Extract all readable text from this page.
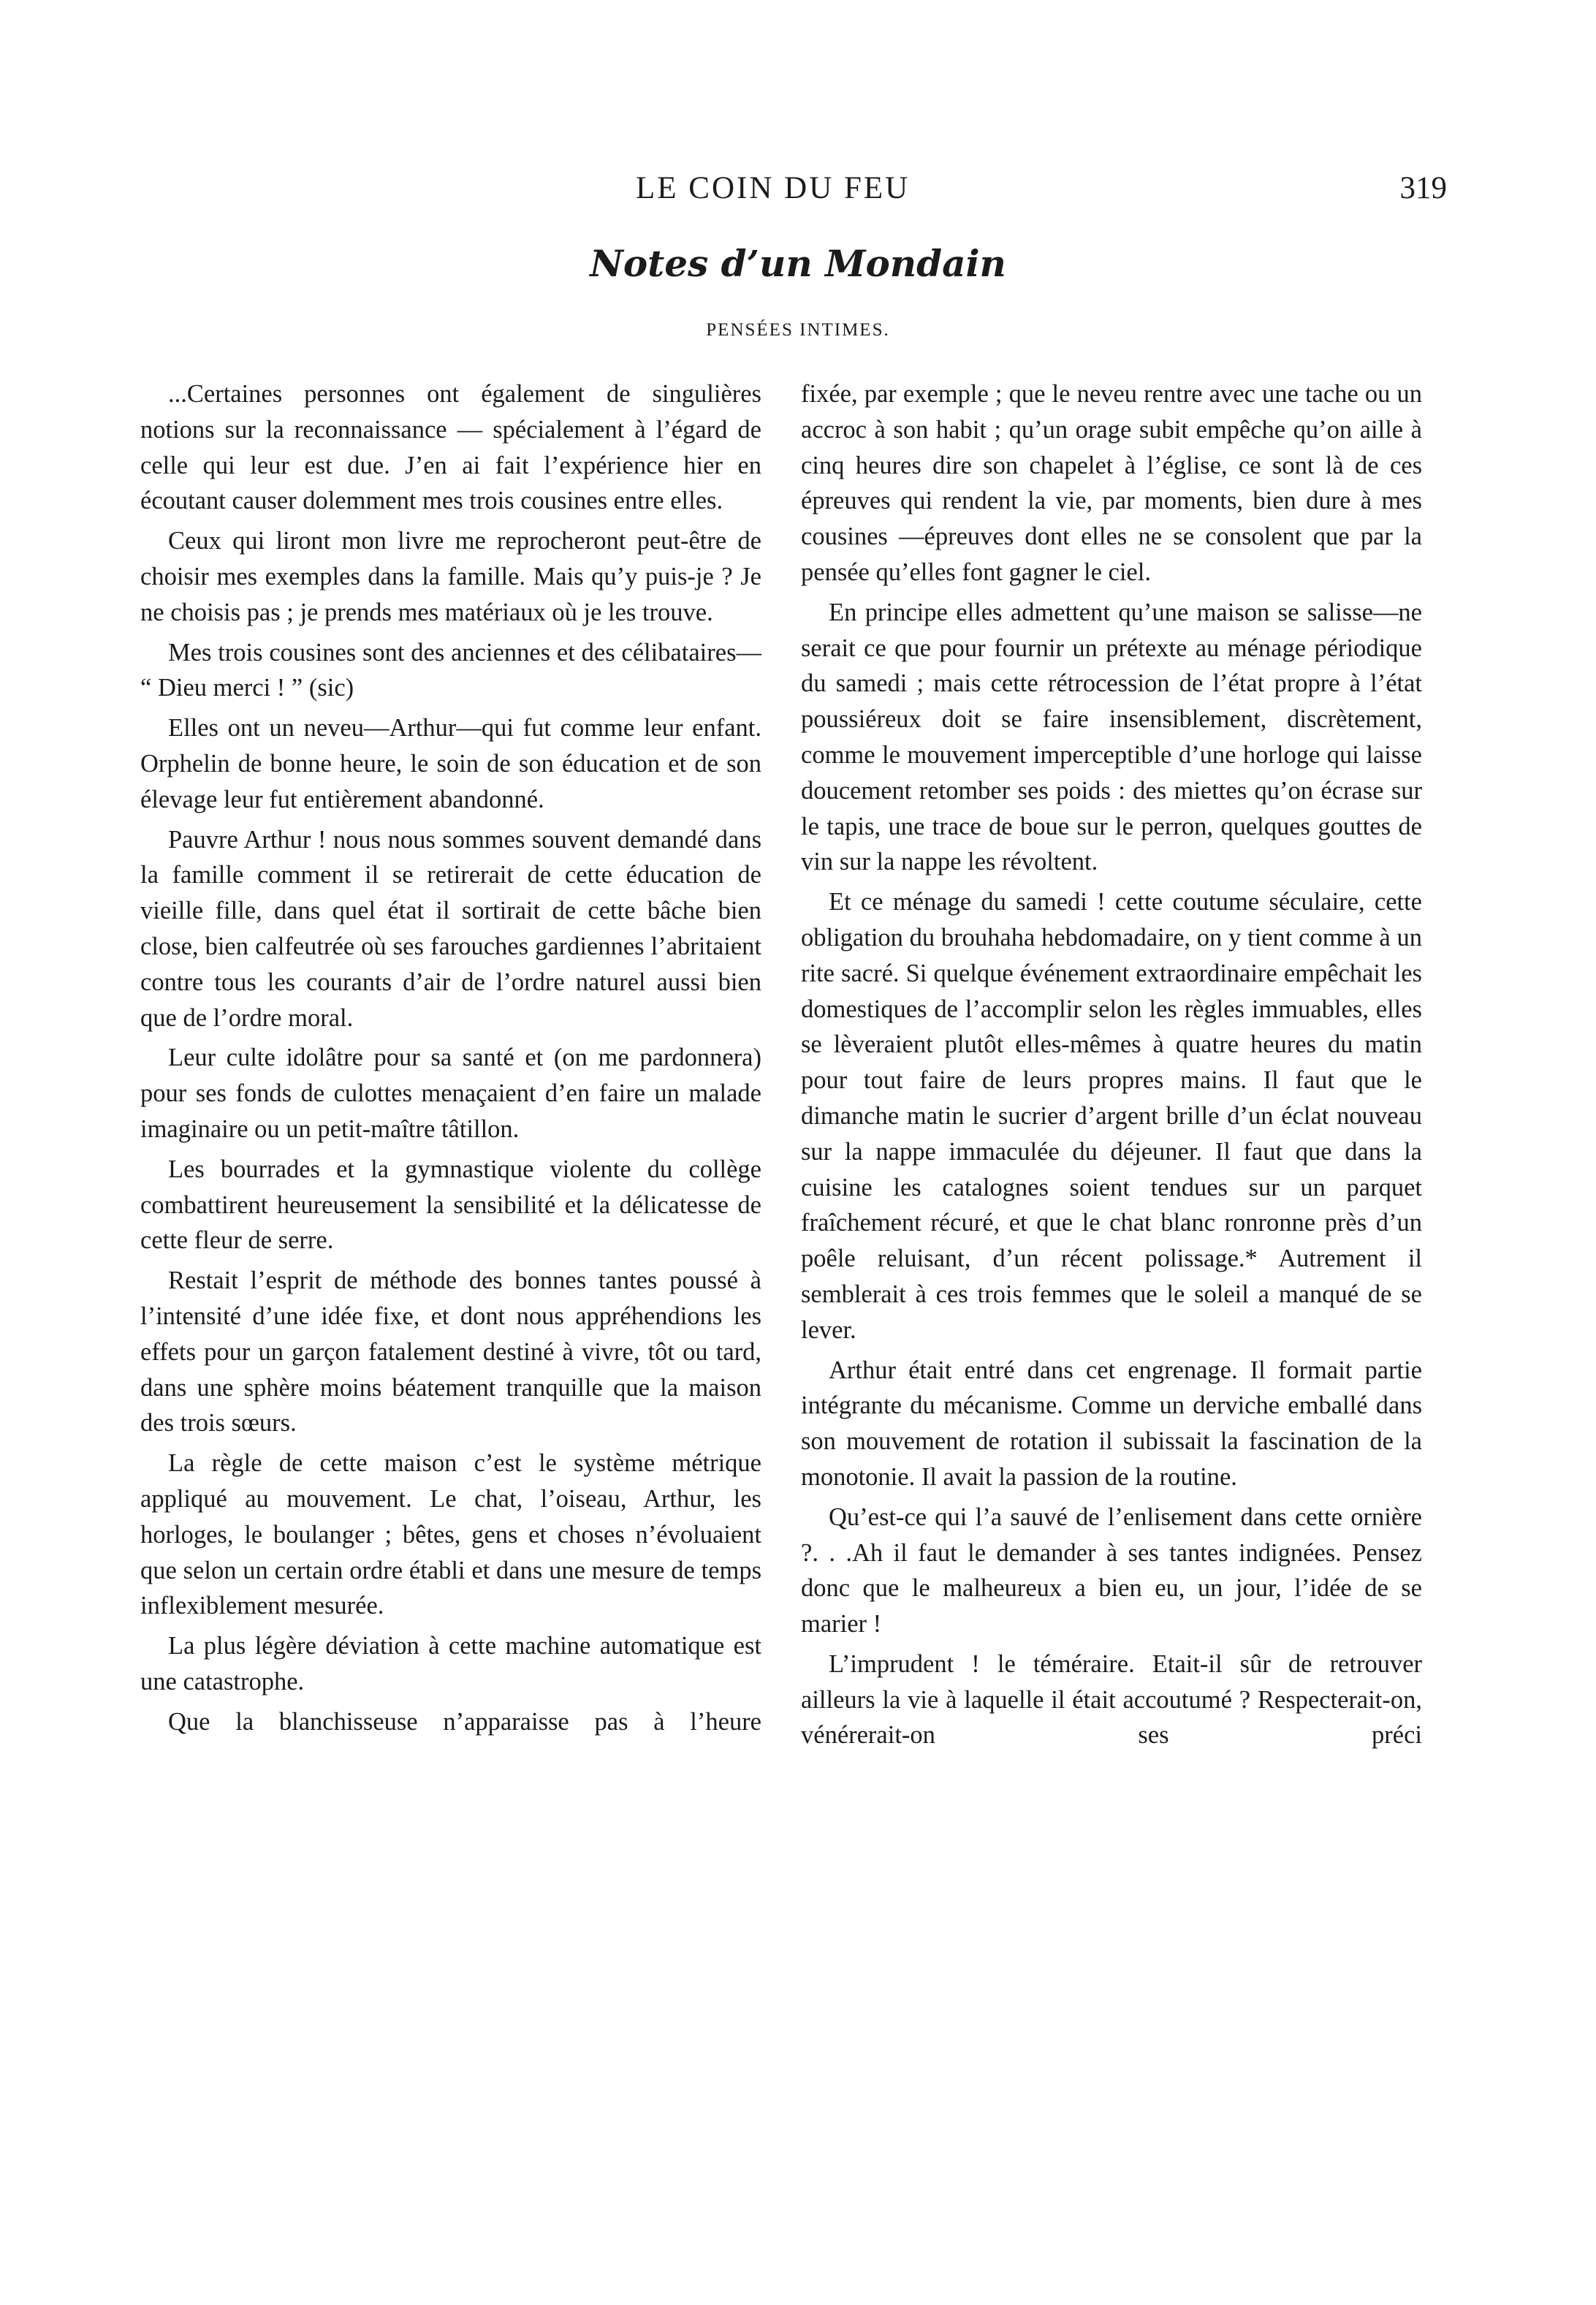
LE COIN DU FEU	319
Notes d’un Mondain
PENSÉES INTIMES.

...Certaines personnes ont également de singulières notions sur la reconnaissance — spécialement à l’égard de celle qui leur est due. J’en ai fait l’expérience hier en écoutant causer dolemment mes trois cousines entre elles.

Ceux qui liront mon livre me reprocheront peut-être de choisir mes exemples dans la famille. Mais qu’y puis-je ? Je ne choisis pas ; je prends mes matériaux où je les trouve.

Mes trois cousines sont des anciennes et des célibataires— “ Dieu merci ! ” (sic)

Elles ont un neveu—Arthur—qui fut comme leur enfant. Orphelin de bonne heure, le soin de son éducation et de son élevage leur fut entièrement abandonné.

Pauvre Arthur ! nous nous sommes souvent demandé dans la famille comment il se retirerait de cette éducation de vieille fille, dans quel état il sortirait de cette bâche bien close, bien calfeutrée où ses farouches gardiennes l’abritaient contre tous les courants d’air de l’ordre naturel aussi bien que de l’ordre moral.

Leur culte idolâtre pour sa santé et (on me pardonnera) pour ses fonds de culottes menaçaient d’en faire un malade imaginaire ou un petit-maître tâtillon.

Les bourrades et la gymnastique violente du collège combattirent heureusement la sensibilité et la délicatesse de cette fleur de serre.

Restait l’esprit de méthode des bonnes tantes poussé à l’intensité d’une idée fixe, et dont nous appréhendions les effets pour un garçon fatalement destiné à vivre, tôt ou tard, dans une sphère moins béatement tranquille que la maison des trois sœurs.

La règle de cette maison c’est le système métrique appliqué au mouvement. Le chat, l’oiseau, Arthur, les horloges, le boulanger ; bêtes, gens et choses n’évoluaient que selon un certain ordre établi et dans une mesure de temps inflexiblement mesurée.

La plus légère déviation à cette machine automatique est une catastrophe.

Que la blanchisseuse n’apparaisse pas à l’heure

fixée, par exemple ; que le neveu rentre avec une tache ou un accroc à son habit ; qu’un orage subit empêche qu’on aille à cinq heures dire son chapelet à l’église, ce sont là de ces épreuves qui rendent la vie, par moments, bien dure à mes cousines —épreuves dont elles ne se consolent que par la pensée qu’elles font gagner le ciel.

En principe elles admettent qu’une maison se salisse—ne serait ce que pour fournir un prétexte au ménage périodique du samedi ; mais cette rétrocession de l’état propre à l’état poussiéreux doit se faire insensiblement, discrètement, comme le mouvement imperceptible d’une horloge qui laisse doucement retomber ses poids : des miettes qu’on écrase sur le tapis, une trace de boue sur le perron, quelques gouttes de vin sur la nappe les révoltent.

Et ce ménage du samedi ! cette coutume séculaire, cette obligation du brouhaha hebdomadaire, on y tient comme à un rite sacré. Si quelque événement extraordinaire empêchait les domestiques de l’accomplir selon les règles immuables, elles se lèveraient plutôt elles-mêmes à quatre heures du matin pour tout faire de leurs propres mains. Il faut que le dimanche matin le sucrier d’argent brille d’un éclat nouveau sur la nappe immaculée du déjeuner. Il faut que dans la cuisine les catalognes soient tendues sur un parquet fraîchement récuré, et que le chat blanc ronronne près d’un poêle reluisant, d’un récent polissage.* Autrement il semblerait à ces trois femmes que le soleil a manqué de se lever.

Arthur était entré dans cet engrenage. Il formait partie intégrante du mécanisme. Comme un derviche emballé dans son mouvement de rotation il subissait la fascination de la monotonie. Il avait la passion de la routine.

Qu’est-ce qui l’a sauvé de l’enlisement dans cette ornière ?. . .Ah il faut le demander à ses tantes indignées. Pensez donc que le malheureux a bien eu, un jour, l’idée de se marier !

L’imprudent ! le téméraire. Etait-il sûr de retrouver ailleurs la vie à laquelle il était accoutumé ? Respecterait-on, vénérerait-on ses préci
